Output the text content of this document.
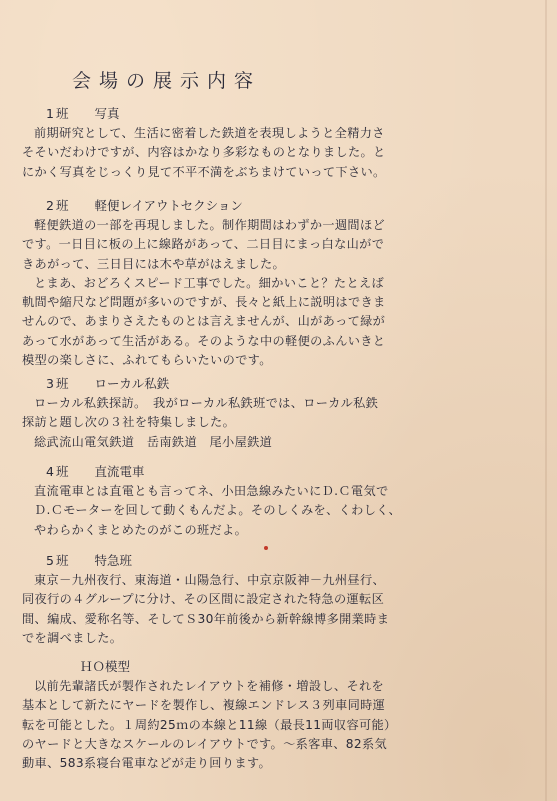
会場の展示内容
1 班 写真
前期研究として、生活に密着した鉄道を表現しようと全精力さ
そそいだわけですが、内容はかなり多彩なものとなりました。と
にかく写真をじっくり見て不平不満をぶちまけていって下さい。
2 班 軽便レイアウトセクション
軽便鉄道の一部を再現しました。制作期間はわずか一週間ほど
です。一日目に板の上に線路があって、二日目にまっ白な山がで
きあがって、三日目には木や草がはえました。
とまあ、おどろくスピード工事でした。細かいこと？たとえば
軌間や縮尺など問題が多いのですが、長々と紙上に説明はできま
せんので、あまりさえたものとは言えませんが、山があって緑が
あって水があって生活がある。そのような中の軽便のふんいきと
模型の楽しさに、ふれてもらいたいのです。
3 班 ローカル私鉄
ローカル私鉄探訪。　我がローカル私鉄班では、ローカル私鉄
探訪と題し次の３社を特集しました。
総武流山電気鉄道　岳南鉄道　尾小屋鉄道
4 班 直流電車
直流電車とは直電とも言ってネ、小田急線みたいにＤ.Ｃ電気で
Ｄ.Ｃモーターを回して動くもんだよ。そのしくみを、くわしく、
やわらかくまとめたのがこの班だよ。
5 班 特急班
東京－九州夜行、東海道・山陽急行、中京京阪神－九州昼行、
同夜行の４グループに分け、その区間に設定された特急の運転区
間、編成、愛称名等、そしてＳ30年前後から新幹線博多開業時ま
でを調べました。
ＨＯ模型
以前先輩諸氏が製作されたレイアウトを補修・増設し、それを
基本として新たにヤードを製作し、複線エンドレス３列車同時運
転を可能とした。１周約25ｍの本線と11線（最長11両収容可能）
のヤードと大きなスケールのレイアウトです。〜系客車、82系気
動車、583系寝台電車などが走り回ります。
